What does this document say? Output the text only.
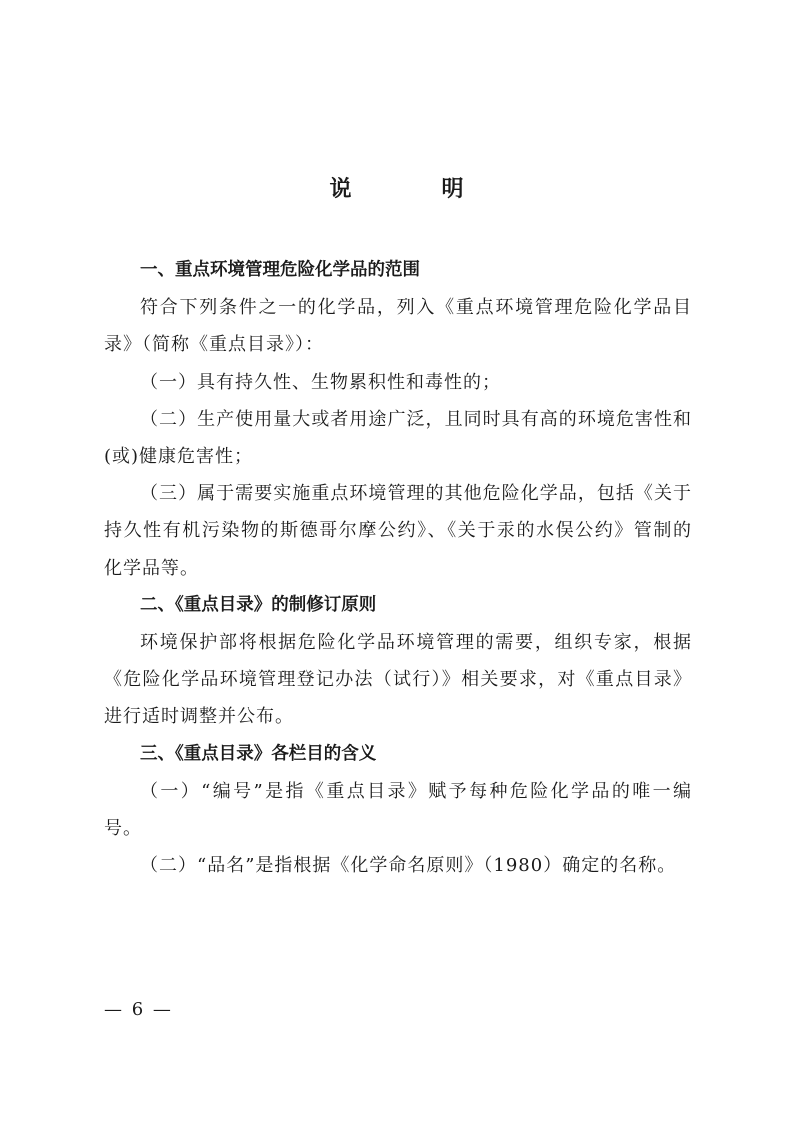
说　明

一、重点环境管理危险化学品的范围

符合下列条件之一的化学品，列入《重点环境管理危险化学品目录》（简称《重点目录》）：

（一）具有持久性、生物累积性和毒性的；

（二）生产使用量大或者用途广泛，且同时具有高的环境危害性和(或)健康危害性；

（三）属于需要实施重点环境管理的其他危险化学品，包括《关于持久性有机污染物的斯德哥尔摩公约》、《关于汞的水俣公约》管制的化学品等。

二、《重点目录》的制修订原则

环境保护部将根据危险化学品环境管理的需要，组织专家，根据《危险化学品环境管理登记办法（试行）》相关要求，对《重点目录》进行适时调整并公布。

三、《重点目录》各栏目的含义

（一）“编号”是指《重点目录》赋予每种危险化学品的唯一编号。

（二）“品名”是指根据《化学命名原则》（1980）确定的名称。

— 6 —
